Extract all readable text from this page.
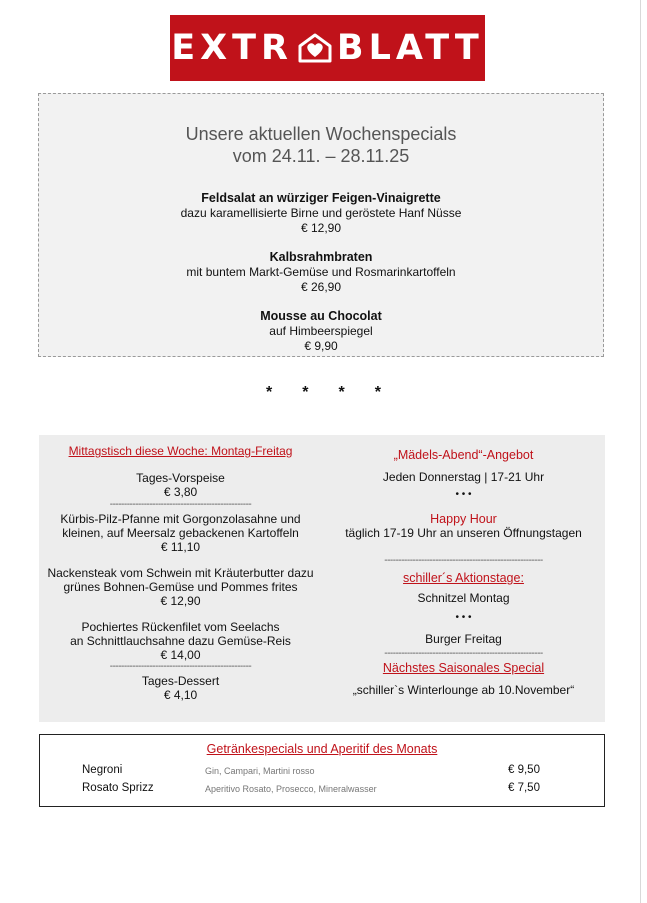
EXTR BLATT
Unsere aktuellen Wochenspecials
vom 24.11. – 28.11.25
Feldsalat an würziger Feigen-Vinaigrette
dazu karamellisierte Birne und geröstete Hanf Nüsse
€ 12,90
Kalbsrahmbraten
mit buntem Markt-Gemüse und Rosmarinkartoffeln
€ 26,90
Mousse au Chocolat
auf Himbeerspiegel
€ 9,90
* * * *
Mittagstisch diese Woche: Montag-Freitag
Tages-Vorspeise
€ 3,80
--------------------------------------------------
Kürbis-Pilz-Pfanne mit Gorgonzolasahne und
kleinen, auf Meersalz gebackenen Kartoffeln
€ 11,10
Nackensteak vom Schwein mit Kräuterbutter dazu
grünes Bohnen-Gemüse und Pommes frites
€ 12,90
Pochiertes Rückenfilet vom Seelachs
an Schnittlauchsahne dazu Gemüse-Reis
€ 14,00
--------------------------------------------------
Tages-Dessert
€ 4,10
„Mädels-Abend“-Angebot
Jeden Donnerstag | 17-21 Uhr
• • •
Happy Hour
täglich 17-19 Uhr an unseren Öffnungstagen
--------------------------------------------------------
schiller´s Aktionstage:
Schnitzel Montag
• • •
Burger Freitag
--------------------------------------------------------
Nächstes Saisonales Special
„schiller`s Winterlounge ab 10.November“
Getränkespecials und Aperitif des Monats
Negroni	Gin, Campari, Martini rosso	€ 9,50
Rosato Sprizz	Aperitivo Rosato, Prosecco, Mineralwasser	€ 7,50
